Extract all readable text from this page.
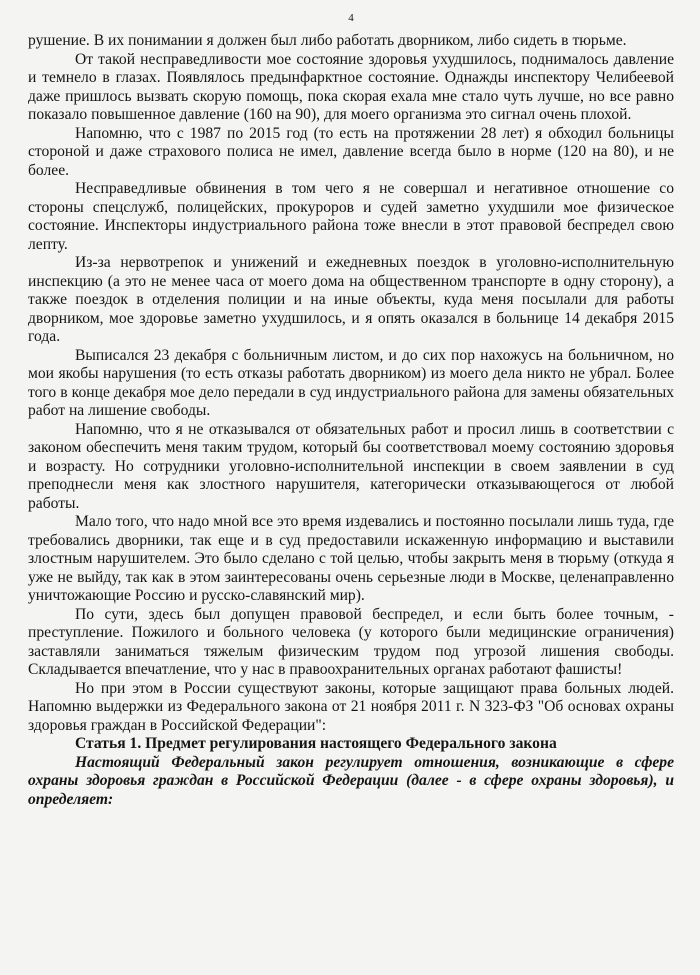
4

рушение. В их понимании я должен был либо работать дворником, либо сидеть в тюрьме.

От такой несправедливости мое состояние здоровья ухудшилось, поднималось давление и темнело в глазах. Появлялось предынфарктное состояние. Однажды инспектору Челибеевой даже пришлось вызвать скорую помощь, пока скорая ехала мне стало чуть лучше, но все равно показало повышенное давление (160 на 90), для моего организма это сигнал очень плохой.

Напомню, что с 1987 по 2015 год (то есть на протяжении 28 лет) я обходил больницы стороной и даже страхового полиса не имел, давление всегда было в норме (120 на 80), и не более.

Несправедливые обвинения в том чего я не совершал и негативное отношение со стороны спецслужб, полицейских, прокуроров и судей заметно ухудшили мое физическое состояние. Инспекторы индустриального района тоже внесли в этот правовой беспредел свою лепту.

Из-за нервотрепок и унижений и ежедневных поездок в уголовно-исполнительную инспекцию (а это не менее часа от моего дома на общественном транспорте в одну сторону), а также поездок в отделения полиции и на иные объекты, куда меня посылали для работы дворником, мое здоровье заметно ухудшилось, и я опять оказался в больнице 14 декабря 2015 года.

Выписался 23 декабря с больничным листом, и до сих пор нахожусь на больничном, но мои якобы нарушения (то есть отказы работать дворником) из моего дела никто не убрал. Более того в конце декабря мое дело передали в суд индустриального района для замены обязательных работ на лишение свободы.

Напомню, что я не отказывался от обязательных работ и просил лишь в соответствии с законом обеспечить меня таким трудом, который бы соответствовал моему состоянию здоровья и возрасту. Но сотрудники уголовно-исполнительной инспекции в своем заявлении в суд преподнесли меня как злостного нарушителя, категорически отказывающегося от любой работы.

Мало того, что надо мной все это время издевались и постоянно посылали лишь туда, где требовались дворники, так еще и в суд предоставили искаженную информацию и выставили злостным нарушителем. Это было сделано с той целью, чтобы закрыть меня в тюрьму (откуда я уже не выйду, так как в этом заинтересованы очень серьезные люди в Москве, целенаправленно уничтожающие Россию и русско-славянский мир).

По сути, здесь был допущен правовой беспредел, и если быть более точным, - преступление. Пожилого и больного человека (у которого были медицинские ограничения) заставляли заниматься тяжелым физическим трудом под угрозой лишения свободы. Складывается впечатление, что у нас в правоохранительных органах работают фашисты!

Но при этом в России существуют законы, которые защищают права больных людей. Напомню выдержки из Федерального закона от 21 ноября 2011 г. N 323-ФЗ "Об основах охраны здоровья граждан в Российской Федерации":

Статья 1. Предмет регулирования настоящего Федерального закона

Настоящий Федеральный закон регулирует отношения, возникающие в сфере охраны здоровья граждан в Российской Федерации (далее - в сфере охраны здоровья), и определяет:
